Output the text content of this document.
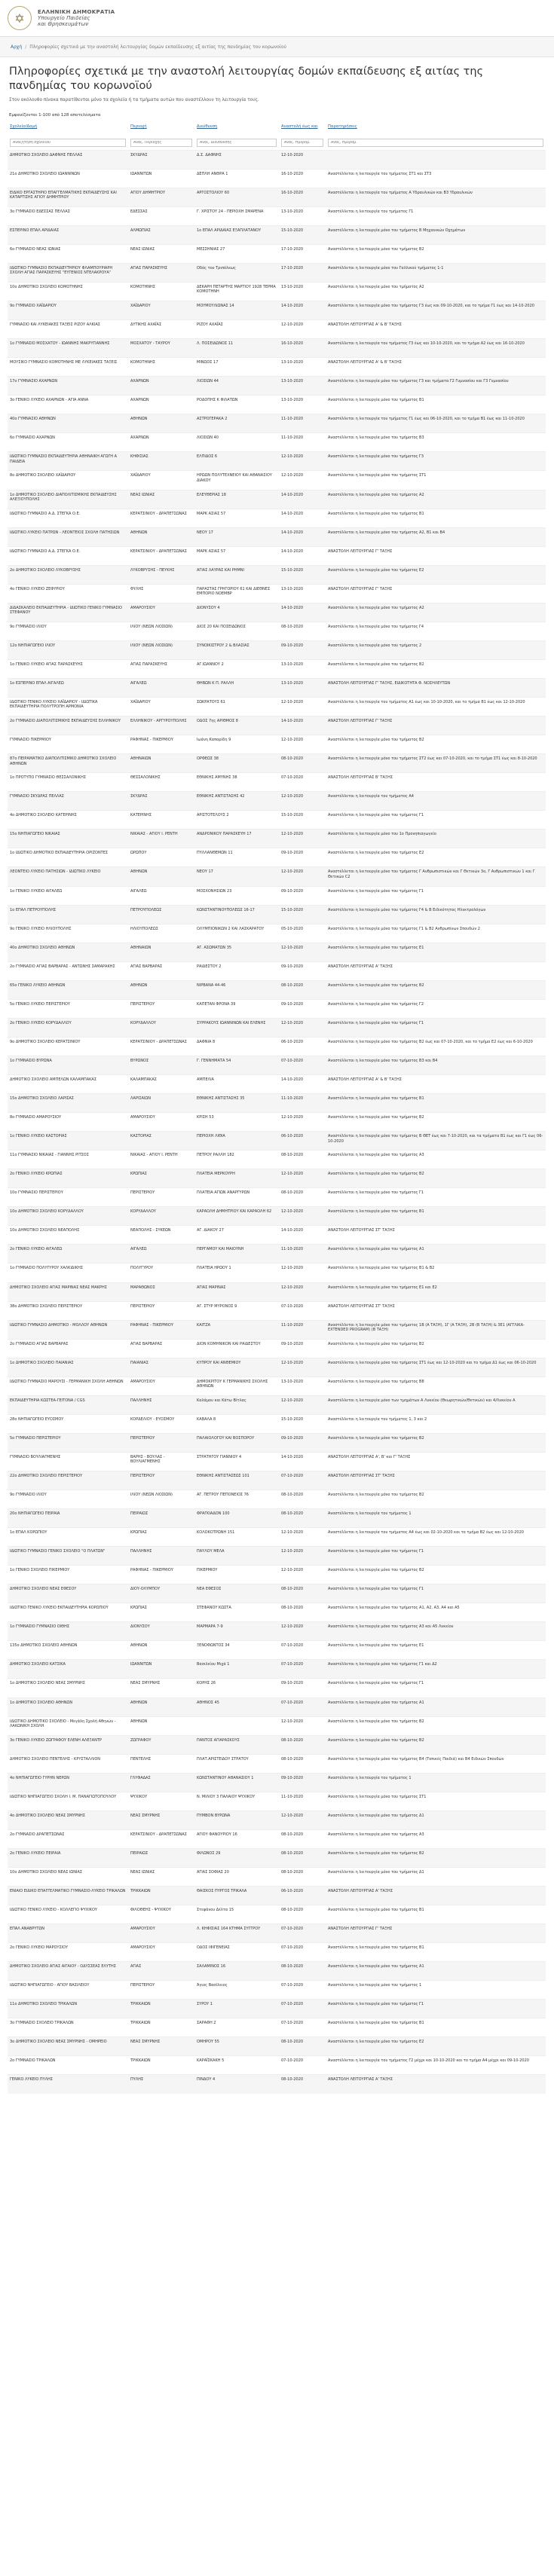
✡	ΕΛΛΗΝΙΚΗ ΔΗΜΟΚΡΑΤΙΑ
Υπουργείο Παιδείας
και Θρησκευμάτων
Αρχή / Πληροφορίες σχετικά με την αναστολή λειτουργίας δομών εκπαίδευσης εξ αιτίας της πανδημίας του κορωνοϊού
Πληροφορίες σχετικά με την αναστολή λειτουργίας δομών εκπαίδευσης εξ αιτίας της πανδημίας του κορωνοϊού
Στον ακόλουθο πίνακα παρατίθενται μόνο τα σχολεία ή τα τμήματα αυτών που αναστέλλουν τη λειτουργία τους.
Εμφανίζονται 1-100 από 128 αποτελέσματα
Σχολείο/Δομή	Περιοχή	Διεύθυνση	Αναστολή έως και	Παρατηρήσεις
Αναζήτηση σχολείου	Αναζ. Περιοχής	Αναζ. Διεύθυνσης	Αναζ. Ημερομ.	Αναζ. Ημερομ.
ΔΗΜΟΤΙΚΟ ΣΧΟΛΕΙΟ ΔΑΦΝΗΣ ΠΕΛΛΑΣ	ΣΚΥΔΡΑΣ	Δ.Σ. ΔΑΦΝΗΣ	12-10-2020	
21ο ΔΗΜΟΤΙΚΟ ΣΧΟΛΕΙΟ ΙΩΑΝΝΙΝΩΝ	ΙΩΑΝΝΙΤΩΝ	ΔΕΠΛΗ ΑΝΘΡΑ 1	16-10-2020	Αναστέλλεται η λειτουργία του τμήματος ΣΤ1 και ΣΤ3
ΕΙΔΙΚΟ ΕΡΓΑΣΤΗΡΙΟ ΕΠΑΓΓΕΛΜΑΤΙΚΗΣ ΕΚΠΑΙΔΕΥΣΗΣ ΚΑΙ ΚΑΤΑΡΤΙΣΗΣ ΑΓΙΟΥ ΔΗΜΗΤΡΙΟΥ	ΑΓΙΟΥ ΔΗΜΗΤΡΙΟΥ	ΑΡΓΟΣΤΟΛΙΟΥ 60	16-10-2020	Αναστέλλεται η λειτουργία του τμήματος Α Υδραυλικών και Β3 Υδραυλικών
3ο ΓΥΜΝΑΣΙΟ ΕΔΕΣΣΑΣ ΠΕΛΛΑΣ	ΕΔΕΣΣΑΣ	Γ. ΧΡΙΣΤΟΥ 24 - ΠΕΡΙΟΧΗ ΣΜΑΡΕΝΑ	13-10-2020	Αναστέλλεται η λειτουργία του τμήματος Γ1
ΕΣΠΕΡΙΝΟ ΕΠΑΛ ΑΡΙΔΑΙΑΣ	ΑΛΜΩΠΙΑΣ	1ο ΕΠΑΛ ΑΡΙΔΑΙΑΣ ΕΞΑΠΛΑΤΑΝΟΥ	15-10-2020	Αναστέλλεται η λειτουργία μόνο του τμήματος Β Μηχανικών Οχημάτων
6ο ΓΥΜΝΑΣΙΟ ΝΕΑΣ ΙΩΝΙΑΣ	ΝΕΑΣ ΙΩΝΙΑΣ	ΜΕΣΣΗΝΙΑΣ 27	17-10-2020	Αναστέλλεται η λειτουργία μόνο του τμήματος Β2
ΙΔΙΩΤΙΚΟ ΓΥΜΝΑΣΙΟ ΕΚΠΑΙΔΕΥΤΗΡΙΟΥ ΦΛΑΜΠΟΥΡΙΑΡΗ ΣΧΟΛΗ ΑΓΙΑΣ ΠΑΡΑΣΚΕΥΗΣ "ΕΥΓΕΝΙΟΣ ΝΤΕΛΑΚΡΟΥΑ"	ΑΓΙΑΣ ΠΑΡΑΣΚΕΥΗΣ	Οδός του Τριπόλεως	17-10-2020	Αναστέλλεται η λειτουργία μόνο του Γαλλικού τμήματος 1-1
10ο ΔΗΜΟΤΙΚΟ ΣΧΟΛΕΙΟ ΚΟΜΟΤΗΝΗΣ	ΚΟΜΟΤΗΝΗΣ	ΔΕΚΑΡΗ ΠΕΤΑΡΤΗΣ ΜΑΡΤΙΟΥ 1928 ΤΕΡΜΑ ΚΟΜΟΤΗΝΗ	13-10-2020	Αναστέλλεται η λειτουργία μόνο του τμήματος Α2
9ο ΓΥΜΝΑΣΙΟ ΧΑΪΔΑΡΙΟΥ	ΧΑΪΔΑΡΙΟΥ	ΜΟΥΜΟΥΛΙΩΝΑΣ 14	14-10-2020	Αναστέλλεται η λειτουργία μόνο του τμήματος Γ3 έως και 09-10-2020, και το τμήμα Γ1 έως και 14-10-2020
ΓΥΜΝΑΣΙΟ ΚΑΙ ΛΥΚΕΙΑΚΕΣ ΤΑΞΕΙΣ ΡΙΖΟΥ ΑΛΚΙΑΣ	ΔΥΤΙΚΗΣ ΑΧΑΪΑΣ	ΡΙΖΟΥ ΑΧΑΪΑΣ	12-10-2020	ΑΝΑΣΤΟΛΗ ΛΕΙΤΟΥΡΓΙΑΣ Α' & Β' ΤΑΞΗΣ
1ο ΓΥΜΝΑΣΙΟ ΜΟΣΧΑΤΟΥ - ΙΩΑΝΝΗΣ ΜΑΚΡΥΓΙΑΝΝΗΣ	ΜΟΣΧΑΤΟΥ - ΤΑΥΡΟΥ	Λ. ΠΟΣΕΙΔΩΝΟΣ 11	16-10-2020	Αναστέλλεται η λειτουργία του τμήματος Γ3 έως και 10-10-2020, και το τμήμα Α2 έως και 16-10-2020
ΜΟΥΣΙΚΟ ΓΥΜΝΑΣΙΟ ΚΟΜΟΤΗΝΗΣ ΜΕ ΛΥΚΕΙΑΚΕΣ ΤΑΞΕΙΣ	ΚΟΜΟΤΗΝΗΣ	ΜΙΝΩΟΣ 17	13-10-2020	ΑΝΑΣΤΟΛΗ ΛΕΙΤΟΥΡΓΙΑΣ Α' & Β' ΤΑΞΗΣ
17ο ΓΥΜΝΑΣΙΟ ΑΧΑΡΝΩΝ	ΑΧΑΡΝΩΝ	ΛΙΟΣΙΩΝ 44	13-10-2020	Αναστέλλεται η λειτουργία μόνο του τμήματος Γ3 και τμήματα Γ2 Γυμνασίου και Γ3 Γυμνασίου
3ο ΓΕΝΙΚΟ ΛΥΚΕΙΟ ΑΧΑΡΝΩΝ - ΑΓΙΑ ΑΝΝΑ	ΑΧΑΡΝΩΝ	ΡΟΔΟΠΗΣ Κ ΦΙΛΑΤΩΝ	13-10-2020	Αναστέλλεται η λειτουργία μόνο του τμήματος Β1
40ο ΓΥΜΝΑΣΙΟ ΑΘΗΝΩΝ	ΑΘΗΝΩΝ	ΑΣΤΡΟΓΕΡΑΚΑ 2	11-10-2020	Αναστέλλεται η λειτουργία του τμήματος Γ1 έως και 06-10-2020, και το τμήμα Β1 έως και 11-10-2020
6ο ΓΥΜΝΑΣΙΟ ΑΧΑΡΝΩΝ	ΑΧΑΡΝΩΝ	ΛΙΟΣΙΩΝ 40	11-10-2020	Αναστέλλεται η λειτουργία μόνο του τμήματος Β3
ΙΔΙΩΤΙΚΟ ΓΥΜΝΑΣΙΟ ΕΚΠΑΙΔΕΥΤΗΡΙΑ ΑΘΗΝΑΙΚΗ ΑΓΩΓΗ Α ΠΑΙΔΕΙΑ	ΚΗΦΙΣΙΑΣ	ΕΛΠΙΔΟΣ 6	12-10-2020	Αναστέλλεται η λειτουργία μόνο του τμήματος Γ3
8ο ΔΗΜΟΤΙΚΟ ΣΧΟΛΕΙΟ ΧΑΪΔΑΡΙΟΥ	ΧΑΪΔΑΡΙΟΥ	ΗΡΩΩΝ ΠΟΛΥΤΕΧΝΕΙΟΥ ΚΑΙ ΑΘΑΝΑΣΙΟΥ ΔΙΑΚΟΥ	12-10-2020	Αναστέλλεται η λειτουργία μόνο του τμήματος ΣΤ1
1ο ΔΗΜΟΤΙΚΟ ΣΧΟΛΕΙΟ ΔΙΑΠΟΛΙΤΙΣΜΙΚΗΣ ΕΚΠΑΙΔΕΥΣΗΣ ΑΛΕΞΙΟΥΠΟΛΗΣ	ΝΕΑΣ ΙΩΝΙΑΣ	ΕΛΕΥΘΕΡΙΑΣ 18	14-10-2020	Αναστέλλεται η λειτουργία μόνο του τμήματος Α2
ΙΔΙΩΤΙΚΟ ΓΥΜΝΑΣΙΟ Α.Δ. ΣΤΕΓΚΑ Ο.Ε.	ΚΕΡΑΤΣΙΝΙΟΥ - ΔΡΑΠΕΤΣΩΝΑΣ	ΜΑΡΚ ΑΣΙΑΣ 57	14-10-2020	Αναστέλλεται η λειτουργία μόνο του τμήματος Β1
ΙΔΙΩΤΙΚΟ ΛΥΚΕΙΟ ΠΑΤΡΩΝ - ΛΕΟΝΤΕΙΟΣ ΣΧΟΛΗ ΠΑΤΗΣΙΩΝ	ΑΘΗΝΩΝ	ΝΕΟΥ 17	14-10-2020	Αναστέλλεται η λειτουργία μόνο του τμήματος Α2, Β1 και Β4
ΙΔΙΩΤΙΚΟ ΓΥΜΝΑΣΙΟ Α.Δ. ΣΤΕΓΚΑ Ο.Ε.	ΚΕΡΑΤΣΙΝΙΟΥ - ΔΡΑΠΕΤΣΩΝΑΣ	ΜΑΡΚ ΑΣΙΑΣ 57	14-10-2020	ΑΝΑΣΤΟΛΗ ΛΕΙΤΟΥΡΓΙΑΣ Γ' ΤΑΞΗΣ
2ο ΔΗΜΟΤΙΚΟ ΣΧΟΛΕΙΟ ΛΥΚΟΒΡΥΣΗΣ	ΛΥΚΟΒΡΥΣΗΣ - ΠΕΥΚΗΣ	ΑΓΙΑΣ ΛΑΥΡΑΣ ΚΑΙ ΡΗΜΝΙ	15-10-2020	Αναστέλλεται η λειτουργία μόνο του τμήματος Ε2
4ο ΓΕΝΙΚΟ ΛΥΚΕΙΟ ΖΕΦΥΡΙΟΥ	ΦΥΛΗΣ	ΠΑΡΑΣΤΑΣ ΓΡΗΓΟΡΙΟΥ 61 ΚΑΙ ΔΙΕΘΝΕΣ ΕΜΠΟΡΙΟ ΝΟΕΜΒΡ	13-10-2020	ΑΝΑΣΤΟΛΗ ΛΕΙΤΟΥΡΓΙΑΣ Γ' ΤΑΞΗΣ
ΔΙΔΑΣΚΑΛΕΙΟ ΕΚΠΑΙΔΕΥΤΗΡΙΑ - ΙΔΙΩΤΙΚΟ ΓΕΝΙΚΟ ΓΥΜΝΑΣΙΟ ΣΤΕΦΑΝΟΥ	ΑΜΑΡΟΥΣΙΟΥ	ΔΙΟΝΥΣΟΥ 4	14-10-2020	Αναστέλλεται η λειτουργία μόνο του τμήματος Α2
9ο ΓΥΜΝΑΣΙΟ ΙΛΙΟΥ	ΙΛΙΟΥ (ΝΕΩΝ ΛΙΟΣΙΩΝ)	ΔΙΟΣ 20 ΚΑΙ ΠΟΣΕΙΔΩΝΟΣ	08-10-2020	Αναστέλλεται η λειτουργία μόνο του τμήματος Γ4
12ο ΝΗΠΙΑΓΩΓΕΙΟ ΙΛΙΟΥ	ΙΛΙΟΥ (ΝΕΩΝ ΛΙΟΣΙΩΝ)	ΣΥΝΟΙΚΙΣΤΡΟΥ 2 & ΒΛΑΣΙΑΣ	09-10-2020	Αναστέλλεται η λειτουργία μόνο του τμήματος 2
1ο ΓΕΝΙΚΟ ΛΥΚΕΙΟ ΑΓΙΑΣ ΠΑΡΑΣΚΕΥΗΣ	ΑΓΙΑΣ ΠΑΡΑΣΚΕΥΗΣ	ΑΓ.ΙΩΑΝΝΟΥ 2	13-10-2020	Αναστέλλεται η λειτουργία μόνο του τμήματος Β2
1ο ΕΣΠΕΡΙΝΟ ΕΠΑΛ ΑΙΓΑΛΕΩ	ΑΙΓΑΛΕΩ	ΘΗΒΩΝ Κ Π. ΡΑΛΛΗ	13-10-2020	ΑΝΑΣΤΟΛΗ ΛΕΙΤΟΥΡΓΙΑΣ Γ' ΤΑΞΗΣ, ΕΙΔΙΚΟΤΗΤΑ Φ. ΝΟΣΗΛΕΥΤΩΝ
ΙΔΙΩΤΙΚΟ ΓΕΝΙΚΟ ΛΥΚΕΙΟ ΧΑΪΔΑΡΙΟΥ - ΙΔΙΩΤΙΚΑ ΕΚΠΑΙΔΕΥΤΗΡΙΑ ΠΟΛΥΤΡΟΠΗ ΑΡΜΟΝΙΑ	ΧΑΪΔΑΡΙΟΥ	ΣΩΚΡΑΤΟΥΣ 61	12-10-2020	Αναστέλλεται η λειτουργία του τμήματος Α1 έως και 10-10-2020, και το τμήμα Β1 έως και 12-10-2020
2ο ΓΥΜΝΑΣΙΟ ΔΙΑΠΟΛΙΤΙΣΜΙΚΗΣ ΕΚΠΑΙΔΕΥΣΗΣ ΕΛΛΗΝΙΚΟΥ	ΕΛΛΗΝΙΚΟΥ - ΑΡΓΥΡΟΥΠΟΛΗΣ	ΟΔΟΣ 7ης ΑΡΙΘΜΟΣ 8	14-10-2020	ΑΝΑΣΤΟΛΗ ΛΕΙΤΟΥΡΓΙΑΣ Γ' ΤΑΞΗΣ
ΓΥΜΝΑΣΙΟ ΠΙΚΕΡΜΙΟΥ	ΡΑΦΗΝΑΣ - ΠΙΚΕΡΜΙΟΥ	Ιωάνη Καπαρίδη 9	12-10-2020	Αναστέλλεται η λειτουργία μόνο του τμήματος Β2
87ο ΠΕΙΡΑΜΑΤΙΚΟ ΔΙΑΠΟΛΙΤΙΣΜΙΚΟ ΔΗΜΟΤΙΚΟ ΣΧΟΛΕΙΟ ΑΘΗΝΩΝ	ΑΘΗΝΑΙΩΝ	ΟΡΦΕΩΣ 38	08-10-2020	Αναστέλλεται η λειτουργία μόνο του τμήματος ΣΤ2 έως και 07-10-2020, και το τμήμα ΣΤ1 έως και 8-10-2020
1ο ΠΡΟΤΥΠΟ ΓΥΜΝΑΣΙΟ ΘΕΣΣΑΛΟΝΙΚΗΣ	ΘΕΣΣΑΛΟΝΙΚΗΣ	ΕΘΝΙΚΗΣ ΑΜΥΝΗΣ 38	07-10-2020	ΑΝΑΣΤΟΛΗ ΛΕΙΤΟΥΡΓΙΑΣ Β' ΤΑΞΗΣ
ΓΥΜΝΑΣΙΟ ΣΚΥΔΡΑΣ ΠΕΛΛΑΣ	ΣΚΥΔΡΑΣ	ΕΘΝΙΚΗΣ ΑΝΤΙΣΤΑΣΗΣ 42	12-10-2020	Αναστέλλεται η λειτουργία του τμήματος Α4
4ο ΔΗΜΟΤΙΚΟ ΣΧΟΛΕΙΟ ΚΑΤΕΡΙΝΗΣ	ΚΑΤΕΡΙΝΗΣ	ΑΡΙΣΤΟΤΕΛΟΥΣ 2	15-10-2020	Αναστέλλεται η λειτουργία μόνο του τμήματος Γ1
15ο ΝΗΠΙΑΓΩΓΕΙΟ ΝΙΚΑΙΑΣ	ΝΙΚΑΙΑΣ - ΑΓΙΟΥ Ι. ΡΕΝΤΗ	ΑΝΔΡΟΝΙΚΟΥ ΠΑΡΑΣΚΕΥΗ 17	12-10-2020	Αναστέλλεται η λειτουργία μόνο του 1ο Προνηπιαγωγείο
1ο ΙΔΙΩΤΙΚΟ ΔΗΜΟΤΙΚΟ ΕΚΠΑΙΔΕΥΤΗΡΙΑ ΟΡΙΖΟΝΤΕΣ	ΩΡΩΠΟΥ	ΠΥΛΛΑΝΘΕΜΩΝ 11	09-10-2020	Αναστέλλεται η λειτουργία μόνο του τμήματος Ε2
ΛΕΟΝΤΕΙΟ ΛΥΚΕΙΟ ΠΑΤΗΣΙΩΝ - ΙΔΙΩΤΙΚΟ ΛΥΚΕΙΟ	ΑΘΗΝΩΝ	ΝΕΟΥ 17	12-10-2020	Αναστέλλεται η λειτουργία μόνο του τμήματος Γ Ανθρωπιστικών και Γ Θετικών 3ο, Γ Ανθρωπιστικών 1 και Γ Θετικών C2
1ο ΓΕΝΙΚΟ ΛΥΚΕΙΟ ΑΙΓΑΛΕΩ	ΑΙΓΑΛΕΩ	ΜΟΣΧΟΝΗΣΙΩΝ 23	09-10-2020	Αναστέλλεται η λειτουργία μόνο του τμήματος Γ1
1ο ΕΠΑΛ ΠΕΤΡΟΥΠΟΛΗΣ	ΠΕΤΡΟΥΠΟΛΕΩΣ	ΚΩΝΣΤΑΝΤΙΝΟΥΠΟΛΕΩΣ 16-17	15-10-2020	Αναστέλλεται η λειτουργία μόνο του τμήματος Γ4 & Β Ειδικότητας Ηλεκτρολόγων
9ο ΓΕΝΙΚΟ ΛΥΚΕΙΟ ΗΛΙΟΥΠΟΛΗΣ	ΗΛΙΟΥΠΟΛΕΩΣ	ΟΛΥΜΠΙΟΝΙΚΩΝ 2 ΚΑΙ ΛΑΣΚΑΡΑΤΟΥ	05-10-2020	Αναστέλλεται η λειτουργία μόνο του τμήματος Γ1 & Β2 Ανθρωπίνων Σπουδών 2
40ο ΔΗΜΟΤΙΚΟ ΣΧΟΛΕΙΟ ΑΘΗΝΩΝ	ΑΘΗΝΑΙΩΝ	ΑΓ. ΑΣΩΜΑΤΩΝ 35	12-10-2020	Αναστέλλεται η λειτουργία μόνο του τμήματος Ε1
2ο ΓΥΜΝΑΣΙΟ ΑΓΙΑΣ ΒΑΡΒΑΡΑΣ - ΑΝΤΩΝΗΣ ΣΑΜΑΡΑΚΗΣ	ΑΓΙΑΣ ΒΑΡΒΑΡΑΣ	ΡΑΙΔΕΣΤΟΥ 2	09-10-2020	ΑΝΑΣΤΟΛΗ ΛΕΙΤΟΥΡΓΙΑΣ Α' ΤΑΞΗΣ
65ο ΓΕΝΙΚΟ ΛΥΚΕΙΟ ΑΘΗΝΩΝ	ΑΘΗΝΩΝ	ΝΙΡΒΑΝΑ 44-46	08-10-2020	Αναστέλλεται η λειτουργία μόνο του τμήματος Β2
5ο ΓΕΝΙΚΟ ΛΥΚΕΙΟ ΠΕΡΙΣΤΕΡΙΟΥ	ΠΕΡΙΣΤΕΡΙΟΥ	ΚΑΠΕΤΑΝ ΦΡΟΝΑ 39	09-10-2020	Αναστέλλεται η λειτουργία μόνο του τμήματος Γ2
2ο ΓΕΝΙΚΟ ΛΥΚΕΙΟ ΚΟΡΥΔΑΛΛΟΥ	ΚΟΡΥΔΑΛΛΟΥ	ΣΥΡΡΑΚΟΥΣ ΙΩΑΝΝΙΝΩΝ ΚΑΙ ΕΛΕΝΗΣ	12-10-2020	Αναστέλλεται η λειτουργία μόνο του τμήματος Γ1
9ο ΔΗΜΟΤΙΚΟ ΣΧΟΛΕΙΟ ΚΕΡΑΤΣΙΝΙΟΥ	ΚΕΡΑΤΣΙΝΙΟΥ - ΔΡΑΠΕΤΣΩΝΑΣ	ΔΑΦΝΙΑ 8	06-10-2020	Αναστέλλεται η λειτουργία μόνο του τμήματος Β2 έως και 07-10-2020, και το τμήμα Ε2 έως και 6-10-2020
1ο ΓΥΜΝΑΣΙΟ ΒΥΡΩΝΑ	ΒΥΡΩΝΟΣ	Γ. ΓΕΝΝΗΜΑΤΑ 54	07-10-2020	Αναστέλλεται η λειτουργία μόνο του τμήματος Β3 και Β4
ΔΗΜΟΤΙΚΟ ΣΧΟΛΕΙΟ ΑΜΠΕΛΩΝ ΚΑΛΑΜΠΑΚΑΣ	ΚΑΛΑΜΠΑΚΑΣ	ΑΜΠΕΛΙΑ	14-10-2020	ΑΝΑΣΤΟΛΗ ΛΕΙΤΟΥΡΓΙΑΣ Α' & Β' ΤΑΞΗΣ
15ο ΔΗΜΟΤΙΚΟ ΣΧΟΛΕΙΟ ΛΑΡΙΣΑΣ	ΛΑΡΙΣΑΙΩΝ	ΕΘΝΙΚΗΣ ΑΝΤΙΣΤΑΣΗΣ 35	11-10-2020	Αναστέλλεται η λειτουργία μόνο του τμήματος Β1
8ο ΓΥΜΝΑΣΙΟ ΑΜΑΡΟΥΣΙΟΥ	ΑΜΑΡΟΥΣΙΟΥ	ΚΡΙΣΗ 53	12-10-2020	Αναστέλλεται η λειτουργία μόνο του τμήματος Β2
1ο ΓΕΝΙΚΟ ΛΥΚΕΙΟ ΚΑΣΤΟΡΙΑΣ	ΚΑΣΤΟΡΙΑΣ	ΠΕΡΙΟΧΗ ΛΙΘΙΑ	06-10-2020	Αναστέλλεται η λειτουργία μόνο του τμήματος Β ΘΕΤ έως και 7-10-2020, και τα τμήματα Β1 έως και Γ1 έως 06-10-2020
11ο ΓΥΜΝΑΣΙΟ ΝΙΚΑΙΑΣ - ΓΙΑΝΝΗΣ ΡΙΤΣΟΣ	ΝΙΚΑΙΑΣ - ΑΓΙΟΥ Ι. ΡΕΝΤΗ	ΠΕΤΡΟΥ ΡΑΛΛΗ 182	08-10-2020	Αναστέλλεται η λειτουργία μόνο του τμήματος Α3
2ο ΓΕΝΙΚΟ ΛΥΚΕΙΟ ΚΡΩΠΙΑΣ	ΚΡΩΠΙΑΣ	ΠΛΑΤΕΙΑ ΜΕΡΚΟΥΡΗ	12-10-2020	Αναστέλλεται η λειτουργία μόνο του τμήματος Β2
10ο ΓΥΜΝΑΣΙΟ ΠΕΡΙΣΤΕΡΙΟΥ	ΠΕΡΙΣΤΕΡΙΟΥ	ΠΛΑΤΕΙΑ ΑΓΙΩΝ ΑΝΑΡΓΥΡΩΝ	08-10-2020	Αναστέλλεται η λειτουργία μόνο του τμήματος Γ1
10ο ΔΗΜΟΤΙΚΟ ΣΧΟΛΕΙΟ ΚΟΡΥΔΑΛΛΟΥ	ΚΟΡΥΔΑΛΛΟΥ	ΚΑΡΑΟΛΗ ΔΗΜΗΤΡΙΟΥ ΚΑΙ ΚΑΡΑΟΛΗ 62	12-10-2020	Αναστέλλεται η λειτουργία μόνο του τμήματος Β1
10ο ΔΗΜΟΤΙΚΟ ΣΧΟΛΕΙΟ ΝΕΑΠΟΛΗΣ	ΝΕΑΠΟΛΗΣ - ΣΥΚΕΩΝ	ΑΓ. ΔΙΑΚΟΥ 27	14-10-2020	ΑΝΑΣΤΟΛΗ ΛΕΙΤΟΥΡΓΙΑΣ ΣΤ' ΤΑΞΗΣ
2ο ΓΕΝΙΚΟ ΛΥΚΕΙΟ ΑΙΓΑΛΕΩ	ΑΙΓΑΛΕΩ	ΠΕΡΓΑΜΟΥ ΚΑΙ ΜΑΙΟΥΝΗ	11-10-2020	Αναστέλλεται η λειτουργία μόνο του τμήματος Α1
1ο ΓΥΜΝΑΣΙΟ ΠΟΛΥΓΥΡΟΥ ΧΑΛΚΙΔΙΚΗΣ	ΠΟΛΥΓΥΡΟΥ	ΠΛΑΤΕΙΑ ΗΡΩΟΥ 1	12-10-2020	Αναστέλλεται η λειτουργία μόνο του τμήματος Β1 & Β2
ΔΗΜΟΤΙΚΟ ΣΧΟΛΕΙΟ ΑΓΙΑΣ ΜΑΡΙΝΑΣ ΝΕΑΣ ΜΑΚΡΗΣ	ΜΑΡΑΘΩΝΟΣ	ΑΓΙΑΣ ΜΑΡΙΝΑΣ	12-10-2020	Αναστέλλεται η λειτουργία μόνο του τμήματος Ε1 και Ε2
38ο ΔΗΜΟΤΙΚΟ ΣΧΟΛΕΙΟ ΠΕΡΙΣΤΕΡΙΟΥ	ΠΕΡΙΣΤΕΡΙΟΥ	ΑΓ. ΣΤΥΡ ΜΥΡΟΝΟΣ 9	07-10-2020	ΑΝΑΣΤΟΛΗ ΛΕΙΤΟΥΡΓΙΑΣ ΣΤ' ΤΑΞΗΣ
ΙΔΙΩΤΙΚΟ ΓΥΜΝΑΣΙΟ ΔΗΜΟΤΙΚΟ - ΜΟΛΛΟΥ ΑΘΗΝΩΝ	ΡΑΦΗΝΑΣ - ΠΙΚΕΡΜΙΟΥ	ΚΑΙΤΖΑ	11-10-2020	Αναστέλλεται η λειτουργία μόνο του τμήματος 1Β (Α ΤΑΞΗ), 1Γ (Α ΤΑΞΗ), 2Β (Β ΤΑΞΗ) & 3Ε1 (ΑΓΓΛΙΚΑ- EXTENDED PROGRAM) (Β ΤΑΞΗ)
2ο ΓΥΜΝΑΣΙΟ ΑΓΙΑΣ ΒΑΡΒΑΡΑΣ	ΑΓΙΑΣ ΒΑΡΒΑΡΑΣ	ΔΙΟΝ ΚΟΜΗΝΙΚΟΝ ΚΑΙ ΡΑΙΔΕΣΤΟΥ	09-10-2020	Αναστέλλεται η λειτουργία μόνο του τμήματος Β2
1ο ΔΗΜΟΤΙΚΟ ΣΧΟΛΕΙΟ ΠΑΙΑΝΙΑΣ	ΠΑΙΑΝΙΑΣ	ΚΥΠΡΟΥ ΚΑΙ ΑΝΘΕΜΙΟΥ	12-10-2020	Αναστέλλεται η λειτουργία μόνο του τμήματος ΣΤ1 έως και 12-10-2020 και το τμήμα Δ1 έως και 06-10-2020
ΙΔΙΩΤΙΚΟ ΓΥΜΝΑΣΙΟ ΜΑΡΟΥΣΙ - ΓΕΡΜΑΝΙΚΗ ΣΧΟΛΗ ΑΘΗΝΩΝ	ΑΜΑΡΟΥΣΙΟΥ	ΔΗΜΟΚΡΙΤΟΥ Κ ΓΕΡΜΑΝΙΚΗΣ ΣΧΟΛΗΣ ΑΘΗΝΩΝ	13-10-2020	Αναστέλλεται η λειτουργία μόνο του τμήματος B8
ΕΚΠΑΙΔΕΥΤΗΡΙΑ ΚΩΣΤΕΑ-ΓΕΙΤΟΝΑ / CGS	ΠΑΛΛΗΝΗΣ	Καλάμου και Κάτω Βίτλας	12-10-2020	Αναστέλλεται η λειτουργία μόνο των τμημάτων Α Λυκείου (Θεωρητικών/Θετικών) και 4/Λυκείου Α
28ο ΝΗΠΙΑΓΩΓΕΙΟ ΕΥΟΣΜΟΥ	ΚΟΡΔΕΛΙΟΥ - ΕΥΟΣΜΟΥ	ΚΑΒΑΛΑ 8	15-10-2020	Αναστέλλεται η λειτουργία του τμήματος 1, 3 και 2
5ο ΓΥΜΝΑΣΙΟ ΠΕΡΙΣΤΕΡΙΟΥ	ΠΕΡΙΣΤΕΡΙΟΥ	ΠΑΛΑΙΟΛΟΓΟΥ ΚΑΙ ΒΟΣΠΟΡΟΥ	09-10-2020	Αναστέλλεται η λειτουργία μόνο του τμήματος Β2
ΓΥΜΝΑΣΙΟ ΒΟΥΛΙΑΓΜΕΝΗΣ	ΒΑΡΗΣ - ΒΟΥΛΑΣ - ΒΟΥΛΙΑΓΜΕΝΗΣ	ΣΤΡΑΤΗΓΟΥ ΓΙΑΝΝΙΟΥ 4	14-10-2020	ΑΝΑΣΤΟΛΗ ΛΕΙΤΟΥΡΓΙΑΣ Α', Β' και Γ' ΤΑΞΗΣ
22ο ΔΗΜΟΤΙΚΟ ΣΧΟΛΕΙΟ ΠΕΡΙΣΤΕΡΙΟΥ	ΠΕΡΙΣΤΕΡΙΟΥ	ΕΘΝΙΚΗΣ ΑΝΤΙΣΤΑΣΕΩΣ 101	07-10-2020	ΑΝΑΣΤΟΛΗ ΛΕΙΤΟΥΡΓΙΑΣ ΣΤ' ΤΑΞΗΣ
9ο ΓΥΜΝΑΣΙΟ ΙΛΙΟΥ	ΙΛΙΟΥ (ΝΕΩΝ ΛΙΟΣΙΩΝ)	ΑΓ. ΠΕΤΡΟΥ ΠΕΠΟΝΕΙΟΣ 76	08-10-2020	Αναστέλλεται η λειτουργία μόνο του τμήματος Β2
20ο ΝΗΠΙΑΓΩΓΕΙΟ ΠΕΙΡΑΙΑ	ΠΕΙΡΑΙΩΣ	ΦΡΑΓΚΙΑΔΟΝ 100	08-10-2020	Αναστέλλεται η λειτουργία του τμήματος 1
1ο ΕΠΑΛ ΚΟΡΩΠΙΟΥ	ΚΡΩΠΙΑΣ	ΚΟΛΟΚΟΤΡΩΝΗ 151	12-10-2020	Αναστέλλεται η λειτουργία του τμήματος Α4 έως και 02-10-2020 και το τμήμα Β2 έως και 12-10-2020
ΙΔΙΩΤΙΚΟ ΓΥΜΝΑΣΙΟ ΓΕΝΙΚΟ ΣΧΟΛΕΙΟ "Ο ΠΛΑΤΩΝ"	ΠΑΛΛΗΝΗΣ	ΠΑΥΛΟΥ ΜΕΛΑ	12-10-2020	Αναστέλλεται η λειτουργία μόνο του τμήματος Γ1
1ο ΓΕΝΙΚΟ ΣΧΟΛΕΙΟ ΠΙΚΕΡΜΙΟΥ	ΡΑΦΗΝΑΣ - ΠΙΚΕΡΜΙΟΥ	ΠΙΚΕΡΜΙΟΥ	12-10-2020	Αναστέλλεται η λειτουργία μόνο του τμήματος Β2
ΔΗΜΟΤΙΚΟ ΣΧΟΛΕΙΟ ΝΕΑΣ ΕΦΕΣΟΥ	ΔΙΟΥ-ΟΛΥΜΠΟΥ	ΝΕΑ ΕΦΕΣΟΣ	08-10-2020	Αναστέλλεται η λειτουργία μόνο του τμήματος Γ1
ΙΔΙΩΤΙΚΟ ΓΕΝΙΚΟ ΛΥΚΕΙΟ ΕΚΠΑΙΔΕΥΤΗΡΙΑ ΚΟΡΩΠΙΟΥ	ΚΡΩΠΙΑΣ	ΣΤΕΦΑΝΟΥ ΚΩΣΤΑ	08-10-2020	Αναστέλλεται η λειτουργία μόνο του τμήματος Α1, Α2, Α3, Α4 και Α5
1ο ΓΥΜΝΑΣΙΟ ΓΥΜΝΑΣΙΟ ΟΙΘΗΣ	ΔΙΟΝΥΣΟΥ	ΜΑΡΜΑΡΑ 7-9	12-10-2020	Αναστέλλεται η λειτουργία μόνο του τμήματος Α3 και Α5 Λυκείου
135ο ΔΗΜΟΤΙΚΟ ΣΧΟΛΕΙΟ ΑΘΗΝΩΝ	ΑΘΗΝΩΝ	ΞΕΝΟΦΩΝΤΟΣ 34	07-10-2020	Αναστέλλεται η λειτουργία μόνο του τμήματος Ε1
ΔΗΜΟΤΙΚΟ ΣΧΟΛΕΙΟ ΚΑΤΣΙΚΑ	ΙΩΑΝΝΙΤΩΝ	Βασιλείου Μιχά 1	07-10-2020	Αναστέλλεται η λειτουργία μόνο του τμήματος Γ1 και Δ2
1ο ΔΗΜΟΤΙΚΟ ΣΧΟΛΕΙΟ ΝΕΑΣ ΣΜΥΡΝΗΣ	ΝΕΑΣ ΣΜΥΡΝΗΣ	ΚΟΡΗΣ 26	09-10-2020	Αναστέλλεται η λειτουργία μόνο του τμήματος Γ1
1ο ΔΗΜΟΤΙΚΟ ΣΧΟΛΕΙΟ ΑΘΗΝΩΝ	ΑΘΗΝΩΝ	ΑΘΗΝΟΣ 45	07-10-2020	Αναστέλλεται η λειτουργία μόνο του τμήματος Α1
ΙΔΙΩΤΙΚΟ ΔΗΜΟΤΙΚΟ ΣΧΟΛΕΙΟ - Μεγάλη Σχολή Αθηνών - ΛΑΚΩΝΙΚΗ ΣΧΟΛΗ	ΑΘΗΝΩΝ		12-10-2020	Αναστέλλεται η λειτουργία μόνο του τμήματος Β2
3ο ΓΕΝΙΚΟ ΛΥΚΕΙΟ ΖΩΓΡΑΦΟΥ ΕΛΕΝΗ ΑΛΕΞΑΝΤΡ	ΖΩΓΡΑΦΟΥ	ΠΑΝΤΟΣ ΑΓΙΑΡΑΣΚΟΥΣ	08-10-2020	Αναστέλλεται η λειτουργία μόνο του τμήματος Β2
ΔΗΜΟΤΙΚΟ ΣΧΟΛΕΙΟ ΠΕΝΤΕΛΗΣ - ΚΡΥΣΤΑΛΛΙΟΝ	ΠΕΝΤΕΛΗΣ	ΠΛΑΤ.ΑΡΙΣΤΕΙΔΟΥ ΣΤΡΑΤΟΥ	08-10-2020	Αναστέλλεται η λειτουργία μόνο του τμήματος Β4 (Τοπικές Παιδιά) και Β4 Ειδικών Σπουδών
4ο ΝΗΠΙΑΓΩΓΕΙΟ ΓΥΡΗΝ ΝΕΡΩΝ	ΓΛΥΦΑΔΑΣ	ΚΩΝΣΤΑΝΤΙΝΟΥ ΑΘΑΝΑΣΙΟΥ 1	09-10-2020	Αναστέλλεται η λειτουργία του τμήματος 1
ΙΔΙΩΤΙΚΟ ΝΗΠΙΑΓΩΓΕΙΟ ΣΧΟΛΗ Ι. Μ. ΠΑΝΑΓΙΩΤΟΠΟΥΛΟΥ	ΨΥΧΙΚΟΥ	Ν. ΜΙΛΙΟΥ 3 ΠΑΛΑΙΟΥ ΨΥΧΙΚΟΥ	11-10-2020	Αναστέλλεται η λειτουργία μόνο του τμήματος ΣΤ1
4ο ΔΗΜΟΤΙΚΟ ΣΧΟΛΕΙΟ ΝΕΑΣ ΣΜΥΡΝΗΣ	ΝΕΑΣ ΣΜΥΡΝΗΣ	ΠΥΜΒΟΝ ΒΥΡΩΝΑ	12-10-2020	Αναστέλλεται η λειτουργία μόνο του τμήματος Δ1
2ο ΓΥΜΝΑΣΙΟ ΔΡΑΠΕΤΣΩΝΑΣ	ΚΕΡΑΤΣΙΝΙΟΥ - ΔΡΑΠΕΤΣΩΝΑΣ	ΑΓΙΟΥ ΦΑΝΟΥΡΙΟΥ 16	08-10-2020	Αναστέλλεται η λειτουργία μόνο του τμήματος Α3
2ο ΓΕΝΙΚΟ ΛΥΚΕΙΟ ΠΕΙΡΑΙΑ	ΠΕΙΡΑΙΩΣ	ΦΙΛΩΝΟΣ 29	08-10-2020	Αναστέλλεται η λειτουργία μόνο του τμήματος Β2
10ο ΔΗΜΟΤΙΚΟ ΣΧΟΛΕΙΟ ΝΕΑΣ ΙΩΝΙΑΣ	ΝΕΑΣ ΙΩΝΙΑΣ	ΑΓΙΑΣ ΣΟΦΙΑΣ 20	08-10-2020	Αναστέλλεται η λειτουργία μόνο του τμήματος Δ1
ΕΝΙΑΙΟ ΕΙΔΙΚΟ ΕΠΑΓΓΕΛΜΑΤΙΚΟ ΓΥΜΝΑΣΙΟ-ΛΥΚΕΙΟ ΤΡΙΚΑΛΩΝ	ΤΡΙΚΚΑΙΩΝ	ΘΑΙΣΚΟΣ ΠΥΡΓΟΣ ΤΡΙΚΑΛΑ	06-10-2020	ΑΝΑΣΤΟΛΗ ΛΕΙΤΟΥΡΓΙΑΣ Α' ΤΑΞΗΣ
ΙΔΙΩΤΙΚΟ ΓΕΝΙΚΟ ΛΥΚΕΙΟ - ΚΟΛΛΕΓΙΟ ΨΥΧΙΚΟΥ	ΦΙΛΟΘΕΗΣ - ΨΥΧΙΚΟΥ	Στεφάνου Δέλτα 15	08-10-2020	Αναστέλλεται η λειτουργία μόνο του τμήματος Β1
ΕΠΑΛ ΑΝΑΒΡΥΤΩΝ	ΑΜΑΡΟΥΣΙΟΥ	Λ. ΚΗΦΙΣΙΑΣ 164 ΚΤΗΜΑ ΣΥΓΓΡΟΥ	07-10-2020	ΑΝΑΣΤΟΛΗ ΛΕΙΤΟΥΡΓΙΑΣ Γ' ΤΑΞΗΣ
2ο ΓΕΝΙΚΟ ΛΥΚΕΙΟ ΜΑΡΟΥΣΙΟΥ	ΑΜΑΡΟΥΣΙΟΥ	ΟΔΟΣ ΙΦΙΓΕΝΕΙΑΣ	07-10-2020	Αναστέλλεται η λειτουργία μόνο του τμήματος Β1
ΔΗΜΟΤΙΚΟ ΣΧΟΛΕΙΟ ΑΓΙΑΣ ΑΙΓΑΙΟΥ - ΟΔΥΣΣΕΑΣ ΕΛΥΤΗΣ	ΑΓΙΑΣ	ΣΑΛΑΜΙΝΟΣ 16	08-10-2020	Αναστέλλεται η λειτουργία μόνο του τμήματος Α1
ΙΔΙΩΤΙΚΟ ΝΗΠΙΑΓΩΓΕΙΟ - ΑΓΙΟΥ ΒΑΣΙΛΕΙΟΥ	ΠΕΡΙΣΤΕΡΙΟΥ	Άγιος Βασίλειος	07-10-2020	Αναστέλλεται η λειτουργία μόνο του τμήματος 1
11ο ΔΗΜΟΤΙΚΟ ΣΧΟΛΕΙΟ ΤΡΙΚΑΛΩΝ	ΤΡΙΚΚΑΙΩΝ	ΣΥΡΟΥ 1	07-10-2020	Αναστέλλεται η λειτουργία μόνο του τμήματος Γ1
3ο ΓΥΜΝΑΣΙΟ ΣΧΟΛΕΙΟ ΤΡΙΚΑΛΩΝ	ΤΡΙΚΚΑΙΩΝ	ΣΑΡΑΦΗ 2	07-10-2020	Αναστέλλεται η λειτουργία μόνο του τμήματος Β1
3ο ΔΗΜΟΤΙΚΟ ΣΧΟΛΕΙΟ ΝΕΑΣ ΣΜΥΡΝΗΣ - ΟΜΗΡΕΙΟ	ΝΕΑΣ ΣΜΥΡΝΗΣ	ΟΜΗΡΟΥ 55	08-10-2020	Αναστέλλεται η λειτουργία μόνο του τμήματος Ε2
2ο ΓΥΜΝΑΣΙΟ ΤΡΙΚΑΛΩΝ	ΤΡΙΚΚΑΙΩΝ	ΚΑΡΑΪΣΚΑΚΗ 5	07-10-2020	Αναστέλλεται η λειτουργία του τμήματος Γ2 μέχρι και 10-10-2020 και το τμήμα Α4 μέχρι και 09-10-2020
ΓΕΝΙΚΟ ΛΥΚΕΙΟ ΠΥΛΗΣ	ΠΥΛΗΣ	ΠΙΝΔΟΥ 4	08-10-2020	ΑΝΑΣΤΟΛΗ ΛΕΙΤΟΥΡΓΙΑΣ Α' ΤΑΞΗΣ
